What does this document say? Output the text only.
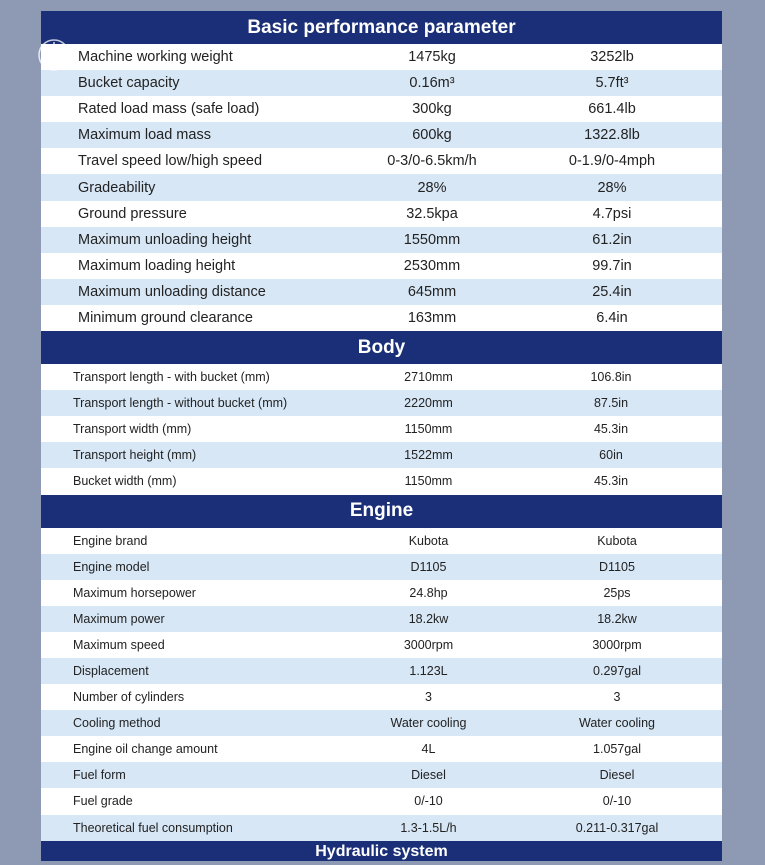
Basic performance parameter
Machine working weight	1475kg	3252lb
Bucket capacity	0.16m³	5.7ft³
Rated load mass (safe load)	300kg	661.4lb
Maximum load mass	600kg	1322.8lb
Travel speed low/high speed	0-3/0-6.5km/h	0-1.9/0-4mph
Gradeability	28%	28%
Ground pressure	32.5kpa	4.7psi
Maximum unloading height	1550mm	61.2in
Maximum loading height	2530mm	99.7in
Maximum unloading distance	645mm	25.4in
Minimum ground clearance	163mm	6.4in
Body
Transport length - with bucket (mm)	2710mm	106.8in
Transport length - without bucket (mm)	2220mm	87.5in
Transport width (mm)	1150mm	45.3in
Transport height (mm)	1522mm	60in
Bucket width (mm)	1150mm	45.3in
Engine
Engine brand	Kubota	Kubota
Engine model	D1105	D1105
Maximum horsepower	24.8hp	25ps
Maximum power	18.2kw	18.2kw
Maximum speed	3000rpm	3000rpm
Displacement	1.123L	0.297gal
Number of cylinders	3	3
Cooling method	Water cooling	Water cooling
Engine oil change amount	4L	1.057gal
Fuel form	Diesel	Diesel
Fuel grade	0/-10	0/-10
Theoretical fuel consumption	1.3-1.5L/h	0.211-0.317gal
Hydraulic system
